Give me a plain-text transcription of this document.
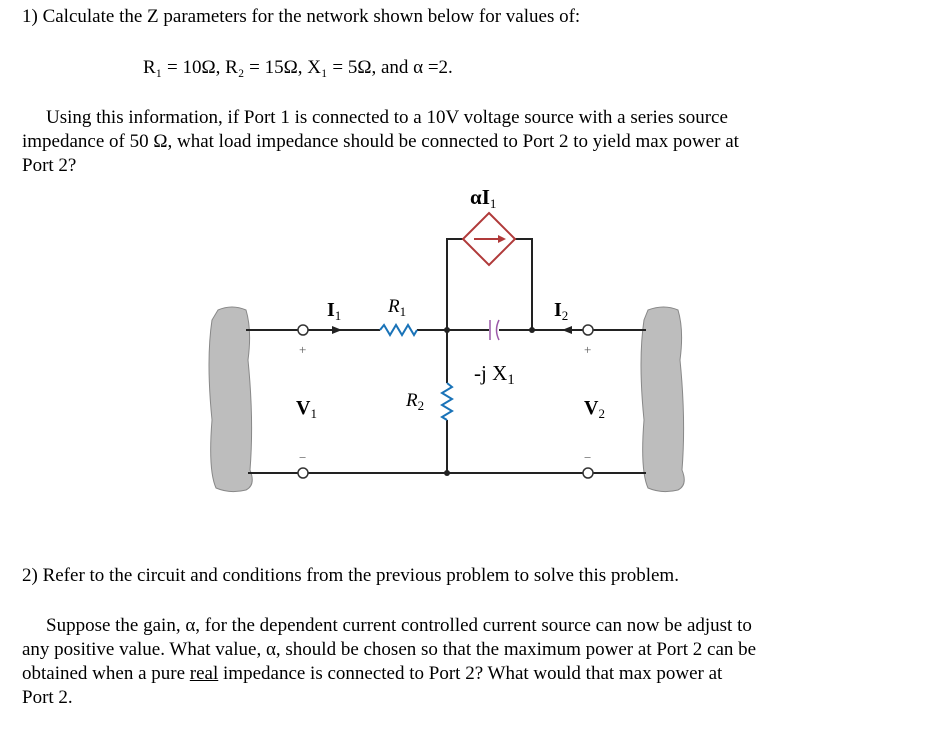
1) Calculate the Z parameters for the network shown below for values of:
R₁ = 10Ω, R₂ = 15Ω, X₁ = 5Ω, and α =2.
Using this information, if Port 1 is connected to a 10V voltage source with a series source
impedance of 50 Ω, what load impedance should be connected to Port 2 to yield max power at
Port 2?
αI1
$I_1$	$I_2$
$R_1$
$R_2$
-j X1
$V_1$	$V_2$
+	+
−	−
2) Refer to the circuit and conditions from the previous problem to solve this problem.
Suppose the gain, α, for the dependent current controlled current source can now be adjust to
any positive value. What value, α, should be chosen so that the maximum power at Port 2 can be
obtained when a pure real impedance is connected to Port 2? What would that max power at
Port 2.
